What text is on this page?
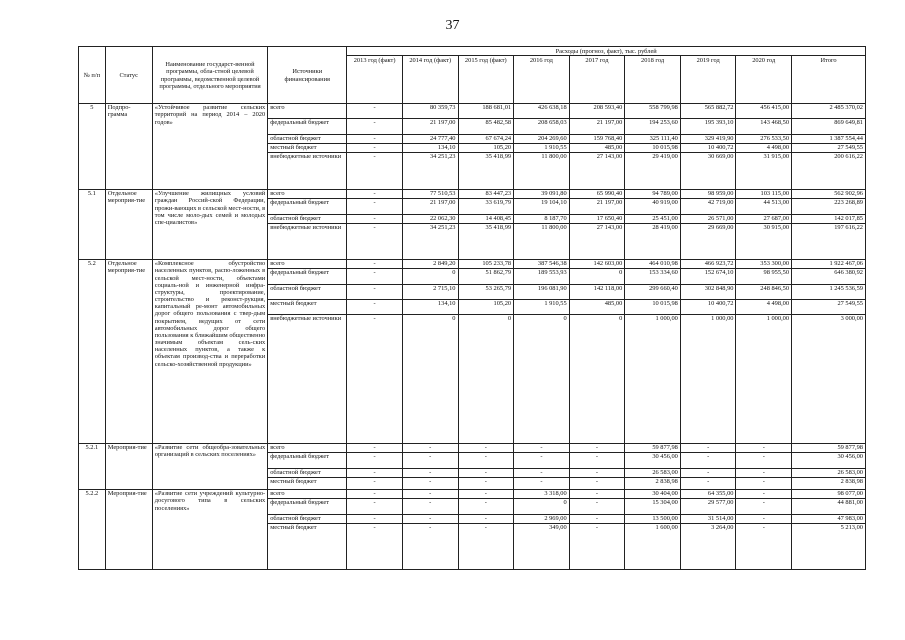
37
№ п/п	Статус	Наименование государст-венной программы, обла-стной целевой программы, ведомственной целевой программы, отдельного мероприятия	Источники финансирования	Расходы (прогноз, факт), тыс. рублей								
				2013 год (факт)	2014 год (факт)	2015 год (факт)	2016 год	2017 год	2018 год	2019 год	2020 год	Итого
5	Подпро-грамма	«Устойчивое развитие сельских территорий на период 2014 – 2020 годов»	всего	-	80 359,73	188 681,01	426 638,18	208 593,40	558 799,98	565 882,72	456 415,00	2 485 370,02
			федеральный бюджет	-	21 197,00	85 482,58	208 658,03	21 197,00	194 253,60	195 393,10	143 468,50	869 649,81
			областной бюджет	-	24 777,40	67 674,24	204 269,60	159 768,40	325 111,40	329 419,90	276 533,50	1 387 554,44
			местный бюджет	-	134,10	105,20	1 910,55	485,00	10 015,98	10 400,72	4 498,00	27 549,55
			внебюджетные источники	-	34 251,23	35 418,99	11 800,00	27 143,00	29 419,00	30 669,00	31 915,00	200 616,22
5.1	Отдельное мероприя-тие	«Улучшение жилищных условий граждан Россий-ской Федерации, прожи-вающих в сельской мест-ности, в том числе моло-дых семей и молодых спе-циалистов»	всего	-	77 510,53	83 447,23	39 091,80	65 990,40	94 789,00	98 959,00	103 115,00	562 902,96
			федеральный бюджет	-	21 197,00	33 619,79	19 104,10	21 197,00	40 919,00	42 719,00	44 513,00	223 268,89
			областной бюджет	-	22 062,30	14 408,45	8 187,70	17 650,40	25 451,00	26 571,00	27 687,00	142 017,85
			внебюджетные источники	-	34 251,23	35 418,99	11 800,00	27 143,00	28 419,00	29 669,00	30 915,00	197 616,22
5.2	Отдельное мероприя-тие	«Комплексное обустройство населенных пунктов, распо-ложенных в сельской мест-ности, объектами социаль-ной и инженерной инфра-структуры, проектирование, строительство и реконст-рукция, капитальный ре-монт автомобильных дорог общего пользования с твер-дым покрытием, ведущих от сети автомобильных дорог общего пользования к ближайшим общественно значимым объектам сель-ских населенных пунктов, а также к объектам производ-ства и переработки сельско-хозяйственной продукции»	всего	-	2 849,20	105 233,78	387 546,38	142 603,00	464 010,98	466 923,72	353 300,00	1 922 467,06
			федеральный бюджет	-	0	51 862,79	189 553,93	0	153 334,60	152 674,10	98 955,50	646 380,92
			областной бюджет	-	2 715,10	53 265,79	196 081,90	142 118,00	299 660,40	302 848,90	248 846,50	1 245 536,59
			местный бюджет	-	134,10	105,20	1 910,55	485,00	10 015,98	10 400,72	4 498,00	27 549,55
			внебюджетные источники	-	0	0	0	0	1 000,00	1 000,00	1 000,00	3 000,00
5.2.1	Мероприя-тие	«Развитие сети общеобра-зовательных организаций в сельских поселениях»	всего	-	-	-	-	-	59 877,98	-	-	59 877,98
			федеральный бюджет	-	-	-	-	-	30 456,00	-	-	30 456,00
			областной бюджет	-	-	-	-	-	26 583,00	-	-	26 583,00
			местный бюджет	-	-	-	-	-	2 838,98	-	-	2 838,98
5.2.2	Мероприя-тие	«Развитие сети учреждений культурно-досугового типа в сельских поселениях»	всего	-	-	-	3 318,00	-	30 404,00	64 355,00	-	98 077,00
			федеральный бюджет	-	-	-	0	-	15 304,00	29 577,00	-	44 881,00
			областной бюджет	-	-	-	2 969,00	-	13 500,00	31 514,00	-	47 983,00
			местный бюджет	-	-	-	349,00	-	1 600,00	3 264,00	-	5 213,00
